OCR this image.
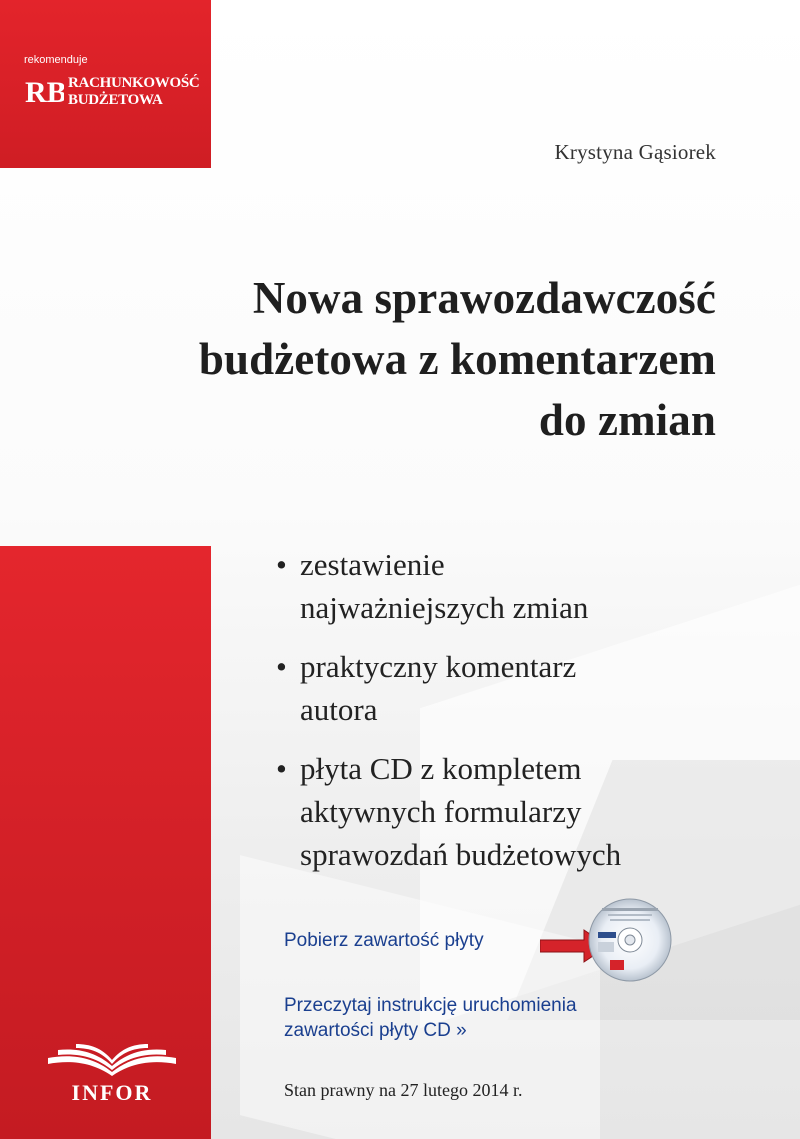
rekomenduje
RB RACHUNKOWOŚĆ
BUDŻETOWA
Krystyna Gąsiorek
Nowa sprawozdawczość
budżetowa z komentarzem
do zmian
• zestawienie
najważniejszych zmian
• praktyczny komentarz
autora
• płyta CD z kompletem
aktywnych formularzy
sprawozdań budżetowych
Pobierz zawartość płyty
Przeczytaj instrukcję uruchomienia
zawartości płyty CD »
INFOR	Stan prawny na 27 lutego 2014 r.
